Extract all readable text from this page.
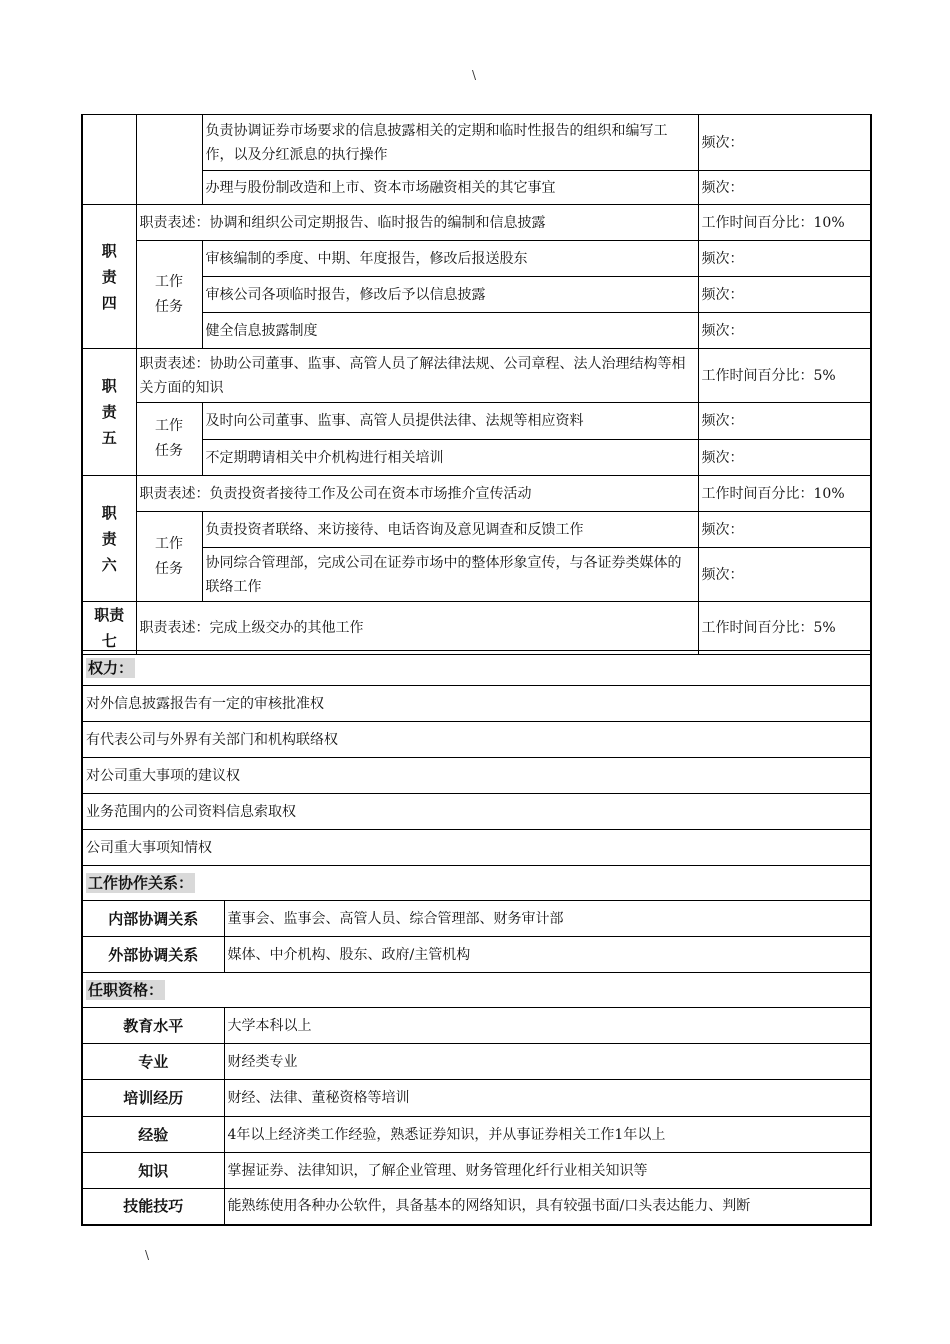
\
		负责协调证券市场要求的信息披露相关的定期和临时性报告的组织和编写工作，以及分红派息的执行操作	频次：
		办理与股份制改造和上市、资本市场融资相关的其它事宜	频次：

职
责
四	职责表述：协调和组织公司定期报告、临时报告的编制和信息披露		工作时间百分比：10%

	工作
任务	审核编制的季度、中期、年度报告，修改后报送股东	频次：
		审核公司各项临时报告，修改后予以信息披露	频次：
		健全信息披露制度	频次：

职
责
五	职责表述：协助公司董事、监事、高管人员了解法律法规、公司章程、法人治理结构等相关方面的知识		工作时间百分比：5%

	工作
任务	及时向公司董事、监事、高管人员提供法律、法规等相应资料	频次：
		不定期聘请相关中介机构进行相关培训	频次：

职
责
六	职责表述：负责投资者接待工作及公司在资本市场推介宣传活动		工作时间百分比：10%

	工作
任务	负责投资者联络、来访接待、电话咨询及意见调查和反馈工作	频次：
		协同综合管理部，完成公司在证券市场中的整体形象宣传，与各证券类媒体的联络工作	频次：

职责
七	职责表述：完成上级交办的其他工作		工作时间百分比：5%
权力：	
对外信息披露报告有一定的审核批准权	
有代表公司与外界有关部门和机构联络权	
对公司重大事项的建议权	
业务范围内的公司资料信息索取权	
公司重大事项知情权	
工作协作关系：	
内部协调关系	董事会、监事会、高管人员、综合管理部、财务审计部
外部协调关系	媒体、中介机构、股东、政府/主管机构
任职资格：	
教育水平	大学本科以上
专业	财经类专业
培训经历	财经、法律、董秘资格等培训
经验	4年以上经济类工作经验，熟悉证券知识，并从事证券相关工作1年以上
知识	掌握证券、法律知识，了解企业管理、财务管理化纤行业相关知识等
技能技巧	能熟练使用各种办公软件，具备基本的网络知识，具有较强书面/口头表达能力、判断
\
